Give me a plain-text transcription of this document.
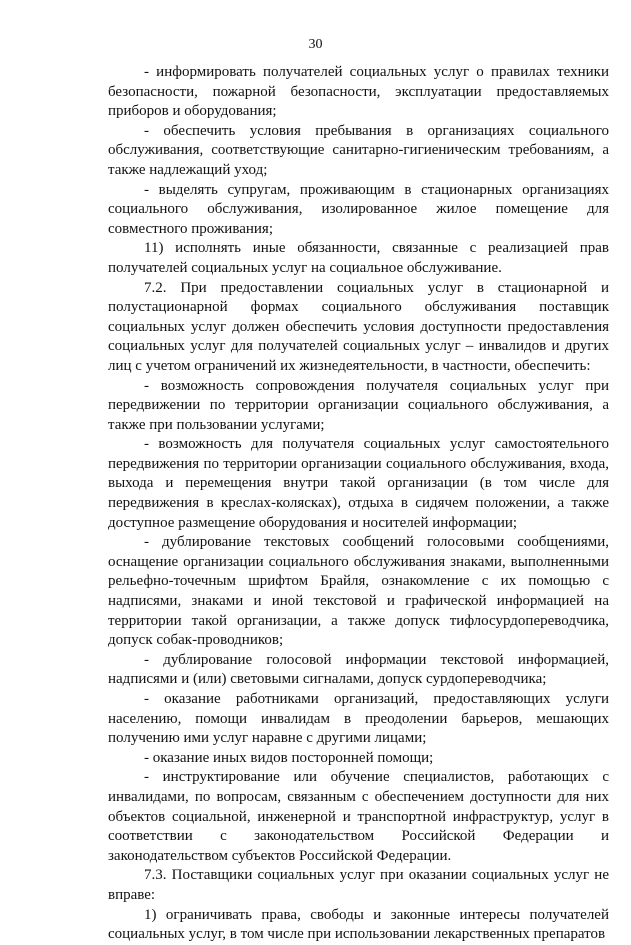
30

- информировать получателей социальных услуг о правилах техники безопасности, пожарной безопасности, эксплуатации предоставляемых приборов и оборудования;

- обеспечить условия пребывания в организациях социального обслуживания, соответствующие санитарно-гигиеническим требованиям, а также надлежащий уход;

- выделять супругам, проживающим в стационарных организациях социального обслуживания, изолированное жилое помещение для совместного проживания;

11) исполнять иные обязанности, связанные с реализацией прав получателей социальных услуг на социальное обслуживание.

7.2. При предоставлении социальных услуг в стационарной и полустационарной формах социального обслуживания поставщик социальных услуг должен обеспечить условия доступности предоставления социальных услуг для получателей социальных услуг – инвалидов и других лиц с учетом ограничений их жизнедеятельности, в частности, обеспечить:

- возможность сопровождения получателя социальных услуг при передвижении по территории организации социального обслуживания, а также при пользовании услугами;

- возможность для получателя социальных услуг самостоятельного передвижения по территории организации социального обслуживания, входа, выхода и перемещения внутри такой организации (в том числе для передвижения в креслах-колясках), отдыха в сидячем положении, а также доступное размещение оборудования и носителей информации;

- дублирование текстовых сообщений голосовыми сообщениями, оснащение организации социального обслуживания знаками, выполненными рельефно-точечным шрифтом Брайля, ознакомление с их помощью с надписями, знаками и иной текстовой и графической информацией на территории такой организации, а также допуск тифлосурдопереводчика, допуск собак-проводников;

- дублирование голосовой информации текстовой информацией, надписями и (или) световыми сигналами, допуск сурдопереводчика;

- оказание работниками организаций, предоставляющих услуги населению, помощи инвалидам в преодолении барьеров, мешающих получению ими услуг наравне с другими лицами;

- оказание иных видов посторонней помощи;

- инструктирование или обучение специалистов, работающих с инвалидами, по вопросам, связанным с обеспечением доступности для них объектов социальной, инженерной и транспортной инфраструктур, услуг в соответствии с законодательством Российской Федерации и законодательством субъектов Российской Федерации.

7.3. Поставщики социальных услуг при оказании социальных услуг не вправе:

1) ограничивать права, свободы и законные интересы получателей социальных услуг, в том числе при использовании лекарственных препаратов
